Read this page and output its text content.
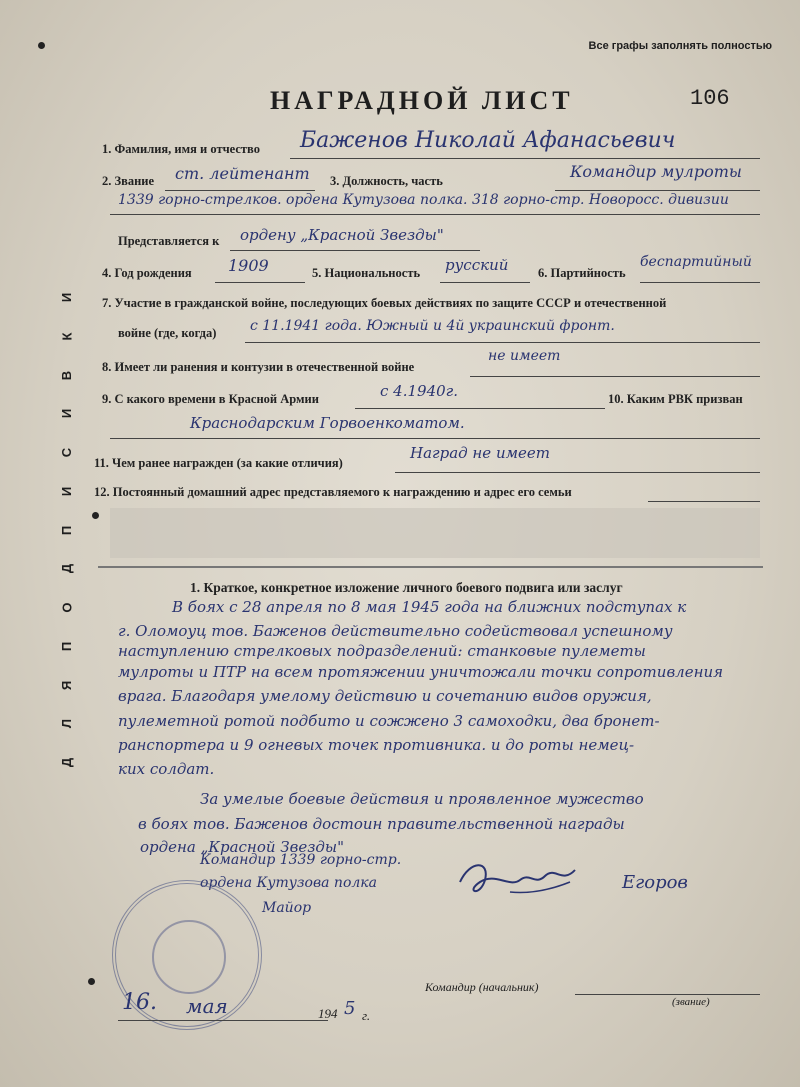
Все графы заполнять полностью
НАГРАДНОЙ ЛИСТ	106
И
К
В
И
С
И
П
Д
О
П
Я
Л
Д
1. Фамилия, имя и отчество Баженов Николай Афанасьевич
2. Звание ст. лейтенант 3. Должность, часть	Командир мулроты
1339 горно-стрелков. ордена Кутузова полка. 318 горно-стр. Новоросс. дивизии
Представляется к ордену „Красной Звезды"
4. Год рождения 1909	5. Национальность русский 6. Партийность
беспартийный
7. Участие в гражданской войне, последующих боевых действиях по защите СССР и отечественной
войне (где, когда) с 11.1941 года. Южный и 4й украинский фронт.
8. Имеет ли ранения и контузии в отечественной войне
не имеет
9. С какого времени в Красной Армии	с 4.1940г.	10. Каким РВК призван
Краснодарским Горвоенкоматом.
11. Чем ранее награжден (за какие отличия)
Наград не имеет
12. Постоянный домашний адрес представляемого к награждению и адрес его семьи
1. Краткое, конкретное изложение личного боевого подвига или заслуг
В боях с 28 апреля по 8 мая 1945 года на ближних подступах к
г. Оломоуц тов. Баженов действительно содействовал успешному
наступлению стрелковых подразделений: станковые пулеметы
мулроты и ПТР на всем протяжении уничтожали точки сопротивления
врага. Благодаря умелому действию и сочетанию видов оружия,
пулеметной ротой подбито и сожжено 3 самоходки, два бронет-
ранспортера и 9 огневых точек противника. и до роты немец-
ких солдат.
За умелые боевые действия и проявленное мужество
в боях тов. Баженов достоин правительственной награды
ордена „Красной Звезды"
Командир 1339 горно-стр.
ордена Кутузова полка
Майор
Егоров
Командир (начальник)
(звание)
16. мая	194 5 г.
